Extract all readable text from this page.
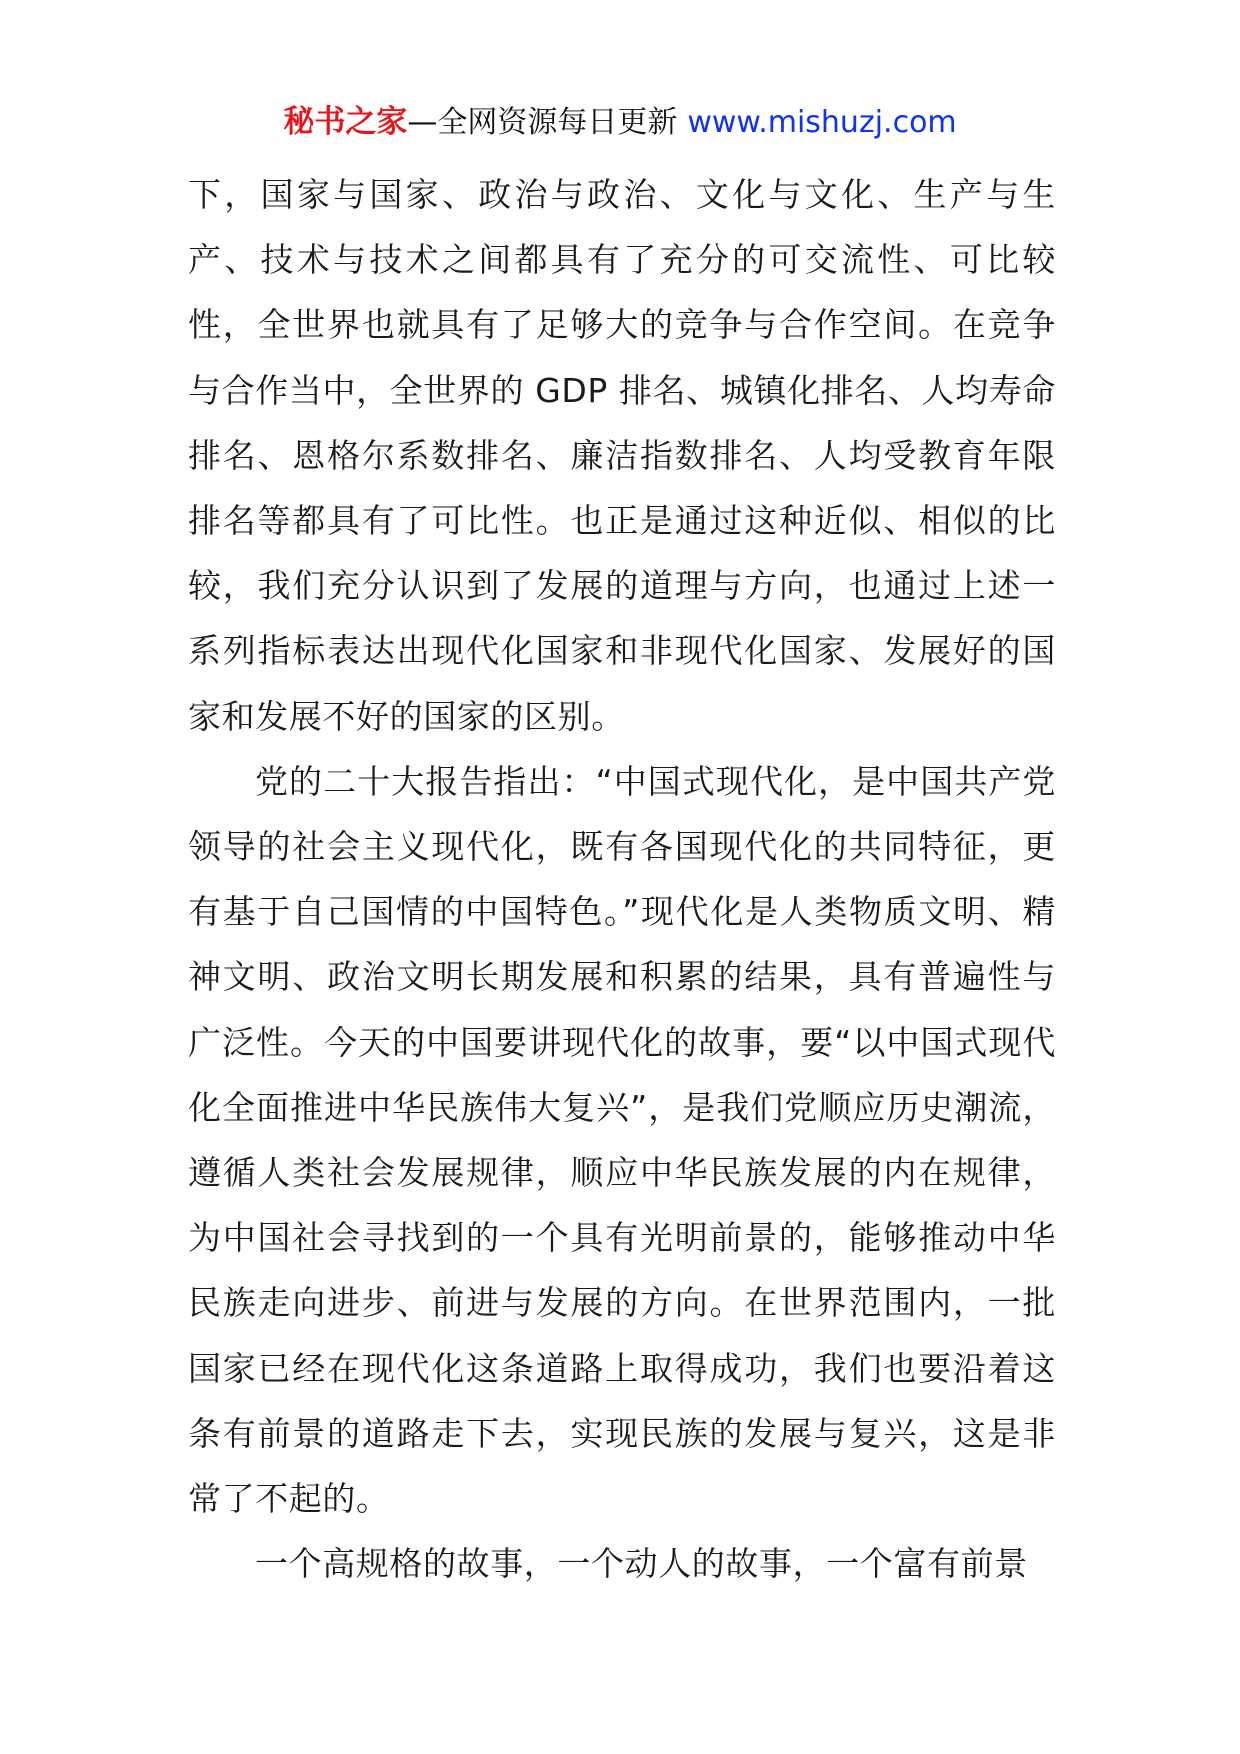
秘书之家—全网资源每日更新 www.mishuzj.com

下，国家与国家、政治与政治、文化与文化、生产与生产、技术与技术之间都具有了充分的可交流性、可比较性，全世界也就具有了足够大的竞争与合作空间。在竞争与合作当中，全世界的 GDP 排名、城镇化排名、人均寿命排名、恩格尔系数排名、廉洁指数排名、人均受教育年限排名等都具有了可比性。也正是通过这种近似、相似的比较，我们充分认识到了发展的道理与方向，也通过上述一系列指标表达出现代化国家和非现代化国家、发展好的国家和发展不好的国家的区别。

党的二十大报告指出：“中国式现代化，是中国共产党领导的社会主义现代化，既有各国现代化的共同特征，更有基于自己国情的中国特色。”现代化是人类物质文明、精神文明、政治文明长期发展和积累的结果，具有普遍性与广泛性。今天的中国要讲现代化的故事，要“以中国式现代化全面推进中华民族伟大复兴”，是我们党顺应历史潮流，遵循人类社会发展规律，顺应中华民族发展的内在规律，为中国社会寻找到的一个具有光明前景的，能够推动中华民族走向进步、前进与发展的方向。在世界范围内，一批国家已经在现代化这条道路上取得成功，我们也要沿着这条有前景的道路走下去，实现民族的发展与复兴，这是非常了不起的。

一个高规格的故事，一个动人的故事，一个富有前景
